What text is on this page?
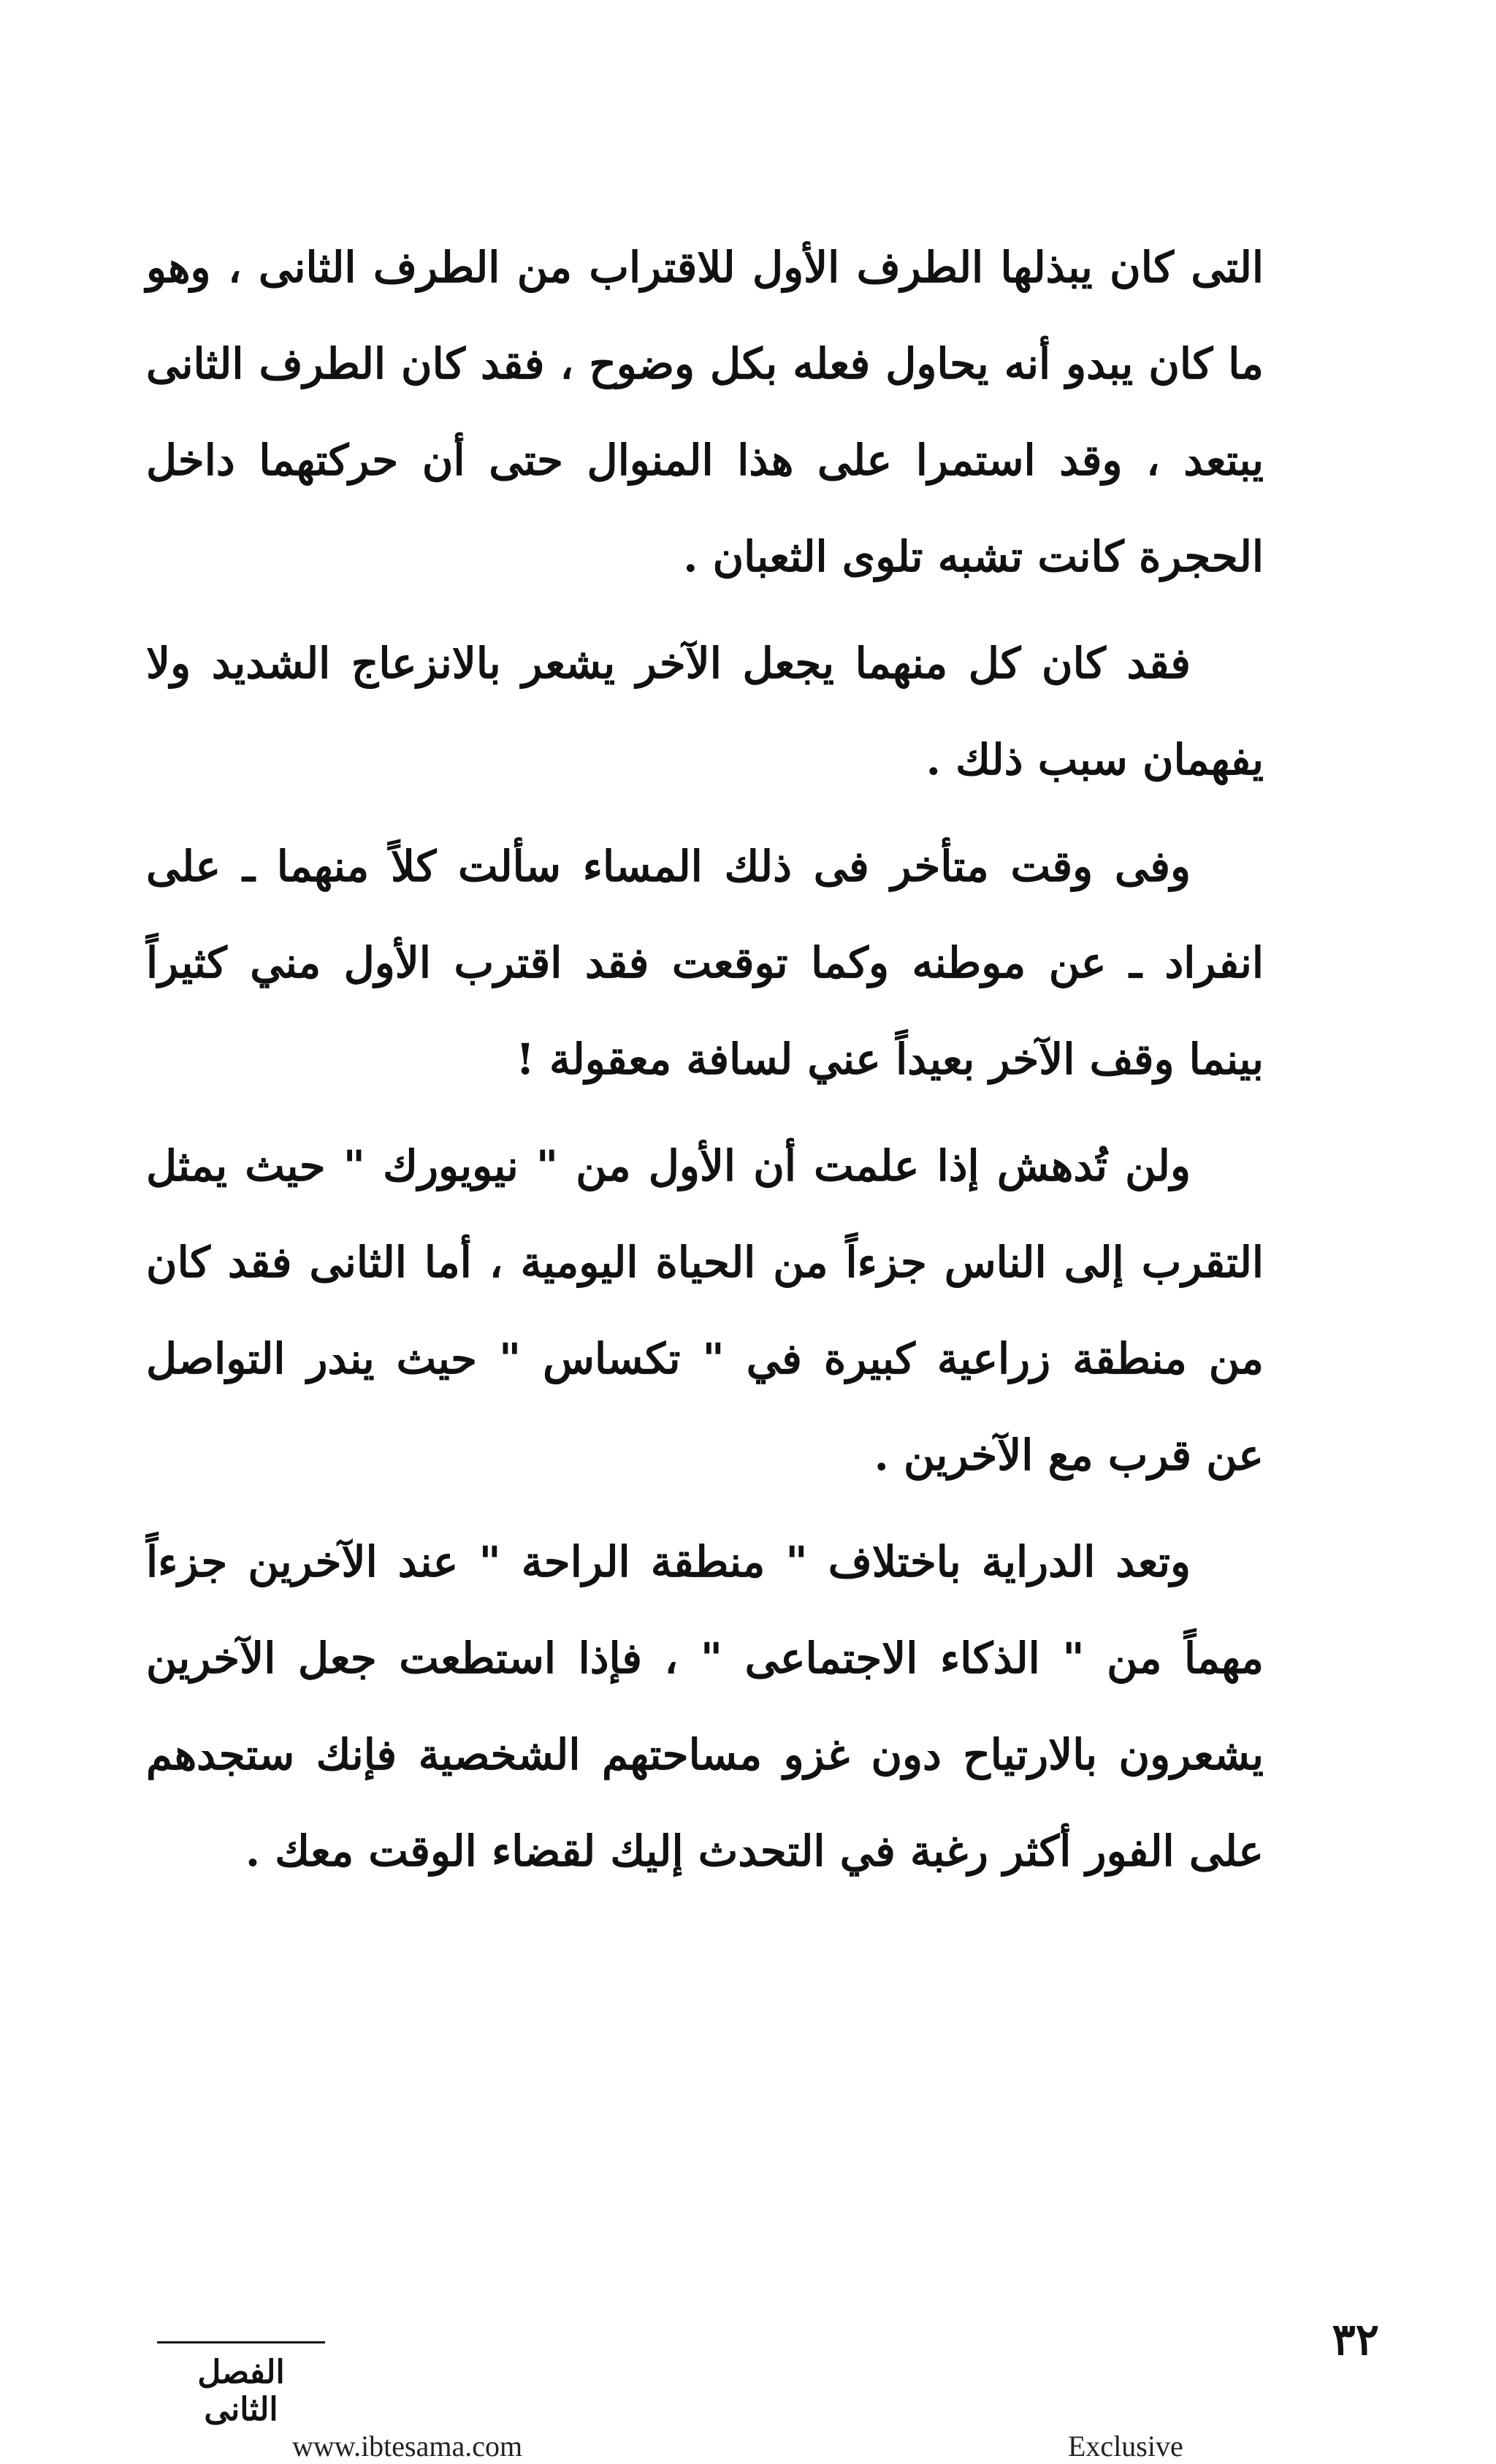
التى كان يبذلها الطرف الأول للاقتراب من الطرف الثانى ، وهو ما كان يبدو أنه يحاول فعله بكل وضوح ، فقد كان الطرف الثانى يبتعد ، وقد استمرا على هذا المنوال حتى أن حركتهما داخل الحجرة كانت تشبه تلوى الثعبان .

فقد كان كل منهما يجعل الآخر يشعر بالانزعاج الشديد ولا يفهمان سبب ذلك .

وفى وقت متأخر فى ذلك المساء سألت كلاً منهما ـ على انفراد ـ عن موطنه وكما توقعت فقد اقترب الأول مني كثيراً بينما وقف الآخر بعيداً عني لسافة معقولة !

ولن تُدهش إذا علمت أن الأول من " نيويورك " حيث يمثل التقرب إلى الناس جزءاً من الحياة اليومية ، أما الثانى فقد كان من منطقة زراعية كبيرة في " تكساس " حيث يندر التواصل عن قرب مع الآخرين .

وتعد الدراية باختلاف " منطقة الراحة " عند الآخرين جزءاً مهماً من " الذكاء الاجتماعى " ، فإذا استطعت جعل الآخرين يشعرون بالارتياح دون غزو مساحتهم الشخصية فإنك ستجدهم على الفور أكثر رغبة في التحدث إليك لقضاء الوقت معك .

الفصل الثانى
٣٢
www.ibtesama.com	Exclusive
